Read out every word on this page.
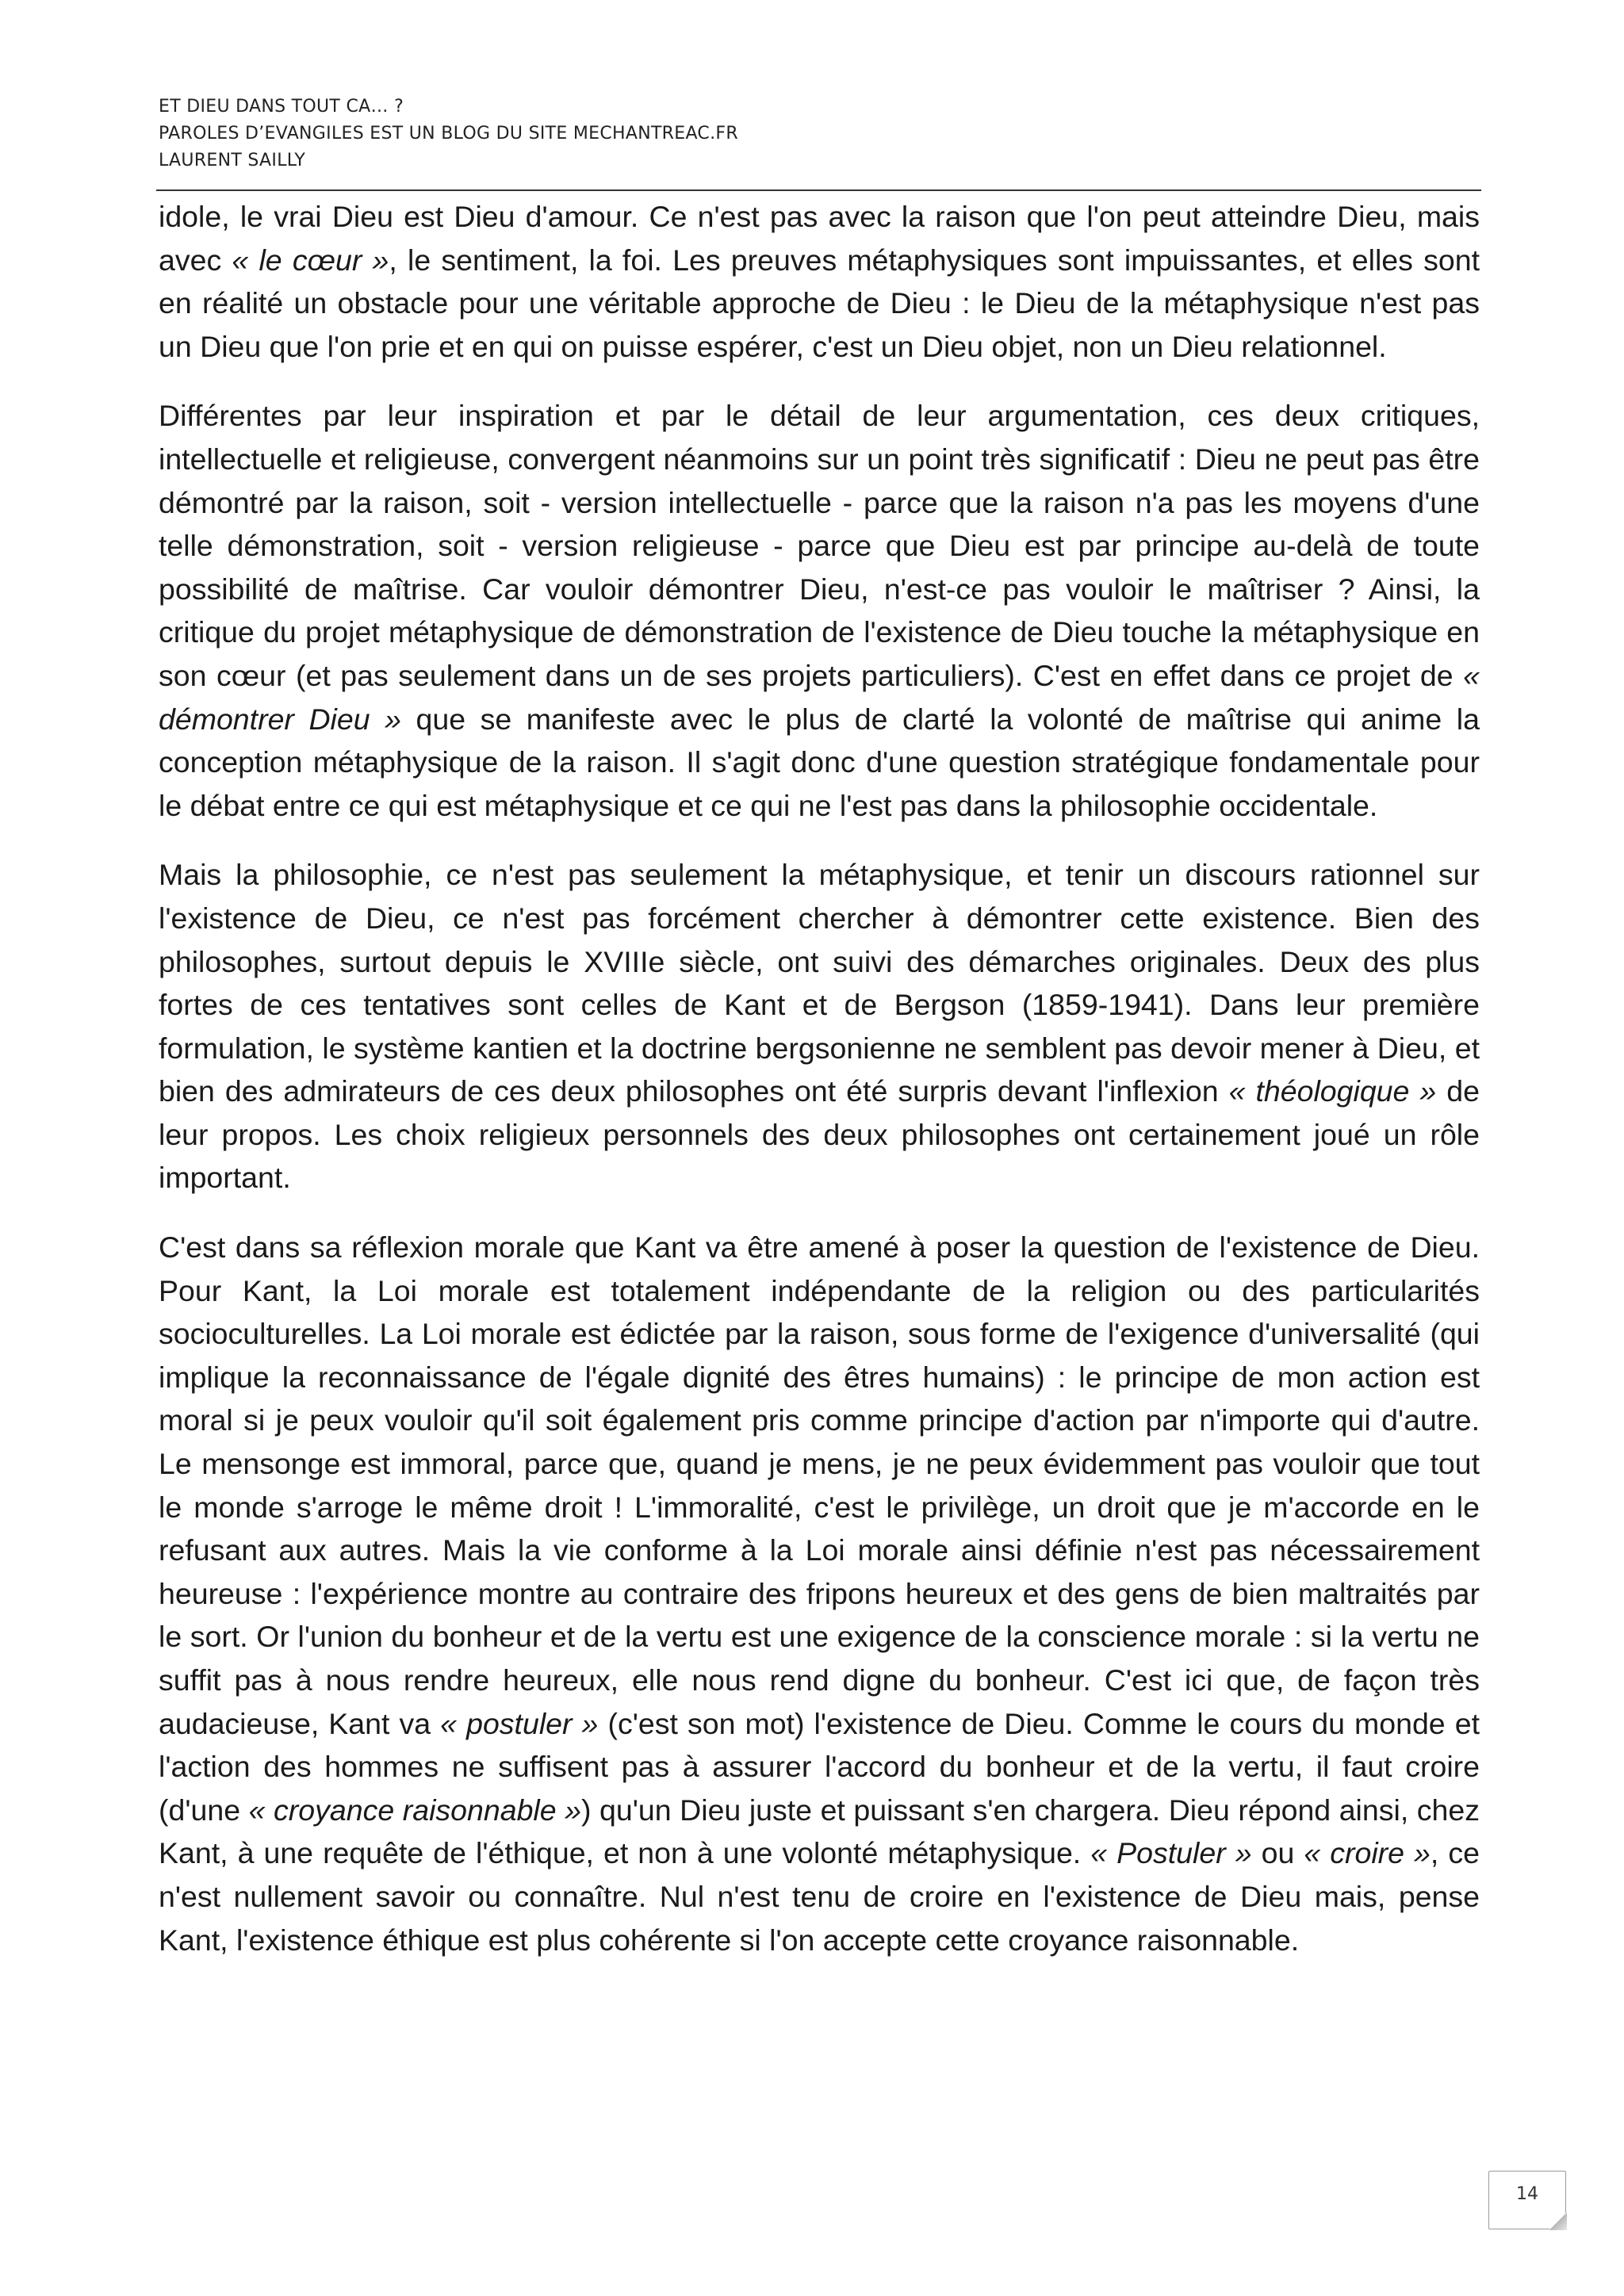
ET DIEU DANS TOUT CA… ?
PAROLES D’EVANGILES EST UN BLOG DU SITE MECHANTREAC.FR
LAURENT SAILLY

idole, le vrai Dieu est Dieu d'amour. Ce n'est pas avec la raison que l'on peut atteindre Dieu, mais avec « le cœur », le sentiment, la foi. Les preuves métaphysiques sont impuissantes, et elles sont en réalité un obstacle pour une véritable approche de Dieu : le Dieu de la métaphysique n'est pas un Dieu que l'on prie et en qui on puisse espérer, c'est un Dieu objet, non un Dieu relationnel.

Différentes par leur inspiration et par le détail de leur argumentation, ces deux critiques, intellectuelle et religieuse, convergent néanmoins sur un point très significatif : Dieu ne peut pas être démontré par la raison, soit - version intellectuelle - parce que la raison n'a pas les moyens d'une telle démonstration, soit - version religieuse - parce que Dieu est par principe au-delà de toute possibilité de maîtrise. Car vouloir démontrer Dieu, n'est-ce pas vouloir le maîtriser ? Ainsi, la critique du projet métaphysique de démonstration de l'existence de Dieu touche la métaphysique en son cœur (et pas seulement dans un de ses projets particuliers). C'est en effet dans ce projet de « démontrer Dieu » que se manifeste avec le plus de clarté la volonté de maîtrise qui anime la conception métaphysique de la raison. Il s'agit donc d'une question stratégique fondamentale pour le débat entre ce qui est métaphysique et ce qui ne l'est pas dans la philosophie occidentale.

Mais la philosophie, ce n'est pas seulement la métaphysique, et tenir un discours rationnel sur l'existence de Dieu, ce n'est pas forcément chercher à démontrer cette existence. Bien des philosophes, surtout depuis le XVIIIe siècle, ont suivi des démarches originales. Deux des plus fortes de ces tentatives sont celles de Kant et de Bergson (1859-1941). Dans leur première formulation, le système kantien et la doctrine bergsonienne ne semblent pas devoir mener à Dieu, et bien des admirateurs de ces deux philosophes ont été surpris devant l'inflexion « théologique » de leur propos. Les choix religieux personnels des deux philosophes ont certainement joué un rôle important.

C'est dans sa réflexion morale que Kant va être amené à poser la question de l'existence de Dieu. Pour Kant, la Loi morale est totalement indépendante de la religion ou des particularités socioculturelles. La Loi morale est édictée par la raison, sous forme de l'exigence d'universalité (qui implique la reconnaissance de l'égale dignité des êtres humains) : le principe de mon action est moral si je peux vouloir qu'il soit également pris comme principe d'action par n'importe qui d'autre. Le mensonge est immoral, parce que, quand je mens, je ne peux évidemment pas vouloir que tout le monde s'arroge le même droit ! L'immoralité, c'est le privilège, un droit que je m'accorde en le refusant aux autres. Mais la vie conforme à la Loi morale ainsi définie n'est pas nécessairement heureuse : l'expérience montre au contraire des fripons heureux et des gens de bien maltraités par le sort. Or l'union du bonheur et de la vertu est une exigence de la conscience morale : si la vertu ne suffit pas à nous rendre heureux, elle nous rend digne du bonheur. C'est ici que, de façon très audacieuse, Kant va « postuler » (c'est son mot) l'existence de Dieu. Comme le cours du monde et l'action des hommes ne suffisent pas à assurer l'accord du bonheur et de la vertu, il faut croire (d'une « croyance raisonnable ») qu'un Dieu juste et puissant s'en chargera. Dieu répond ainsi, chez Kant, à une requête de l'éthique, et non à une volonté métaphysique. « Postuler » ou « croire », ce n'est nullement savoir ou connaître. Nul n'est tenu de croire en l'existence de Dieu mais, pense Kant, l'existence éthique est plus cohérente si l'on accepte cette croyance raisonnable.

14
